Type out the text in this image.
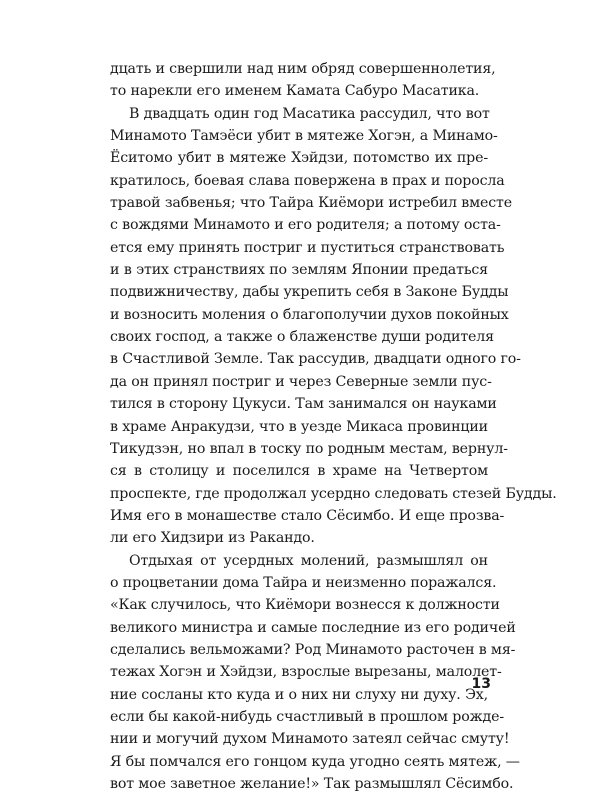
дцать и свершили над ним обряд совершеннолетия,
то нарекли его именем Камата Сабуро Масатика.
В двадцать один год Масатика рассудил, что вот
Минамото Тамэёси убит в мятеже Хогэн, а Минамо-
Ёситомо убит в мятеже Хэйдзи, потомство их пре-
кратилось, боевая слава повержена в прах и поросла
травой забвенья; что Тайра Киёмори истребил вместе
с вождями Минамото и его родителя; а потому оста-
ется ему принять постриг и пуститься странствовать
и в этих странствиях по землям Японии предаться
подвижничеству, дабы укрепить себя в Законе Будды
и возносить моления о благополучии духов покойных
своих господ, а также о блаженстве души родителя
в Счастливой Земле. Так рассудив, двадцати одного го-
да он принял постриг и через Северные земли пус-
тился в сторону Цукуси. Там занимался он науками
в храме Анракудзи, что в уезде Микаса провинции
Тикудзэн, но впал в тоску по родным местам, вернул-
ся в столицу и поселился в храме на Четвертом
проспекте, где продолжал усердно следовать стезей Будды.
Имя его в монашестве стало Сёсимбо. И еще прозва-
ли его Хидзири из Ракандо.
Отдыхая от усердных молений, размышлял он
о процветании дома Тайра и неизменно поражался.
«Как случилось, что Киёмори вознесся к должности
великого министра и самые последние из его родичей
сделались вельможами? Род Минамото расточен в мя-
тежах Хогэн и Хэйдзи, взрослые вырезаны, малолет-
ние сосланы кто куда и о них ни слуху ни духу. Эх,
если бы какой-нибудь счастливый в прошлом рожде-
нии и могучий духом Минамото затеял сейчас смуту!
Я бы помчался его гонцом куда угодно сеять мятеж, —
вот мое заветное желание!» Так размышлял Сёсимбо.
13
